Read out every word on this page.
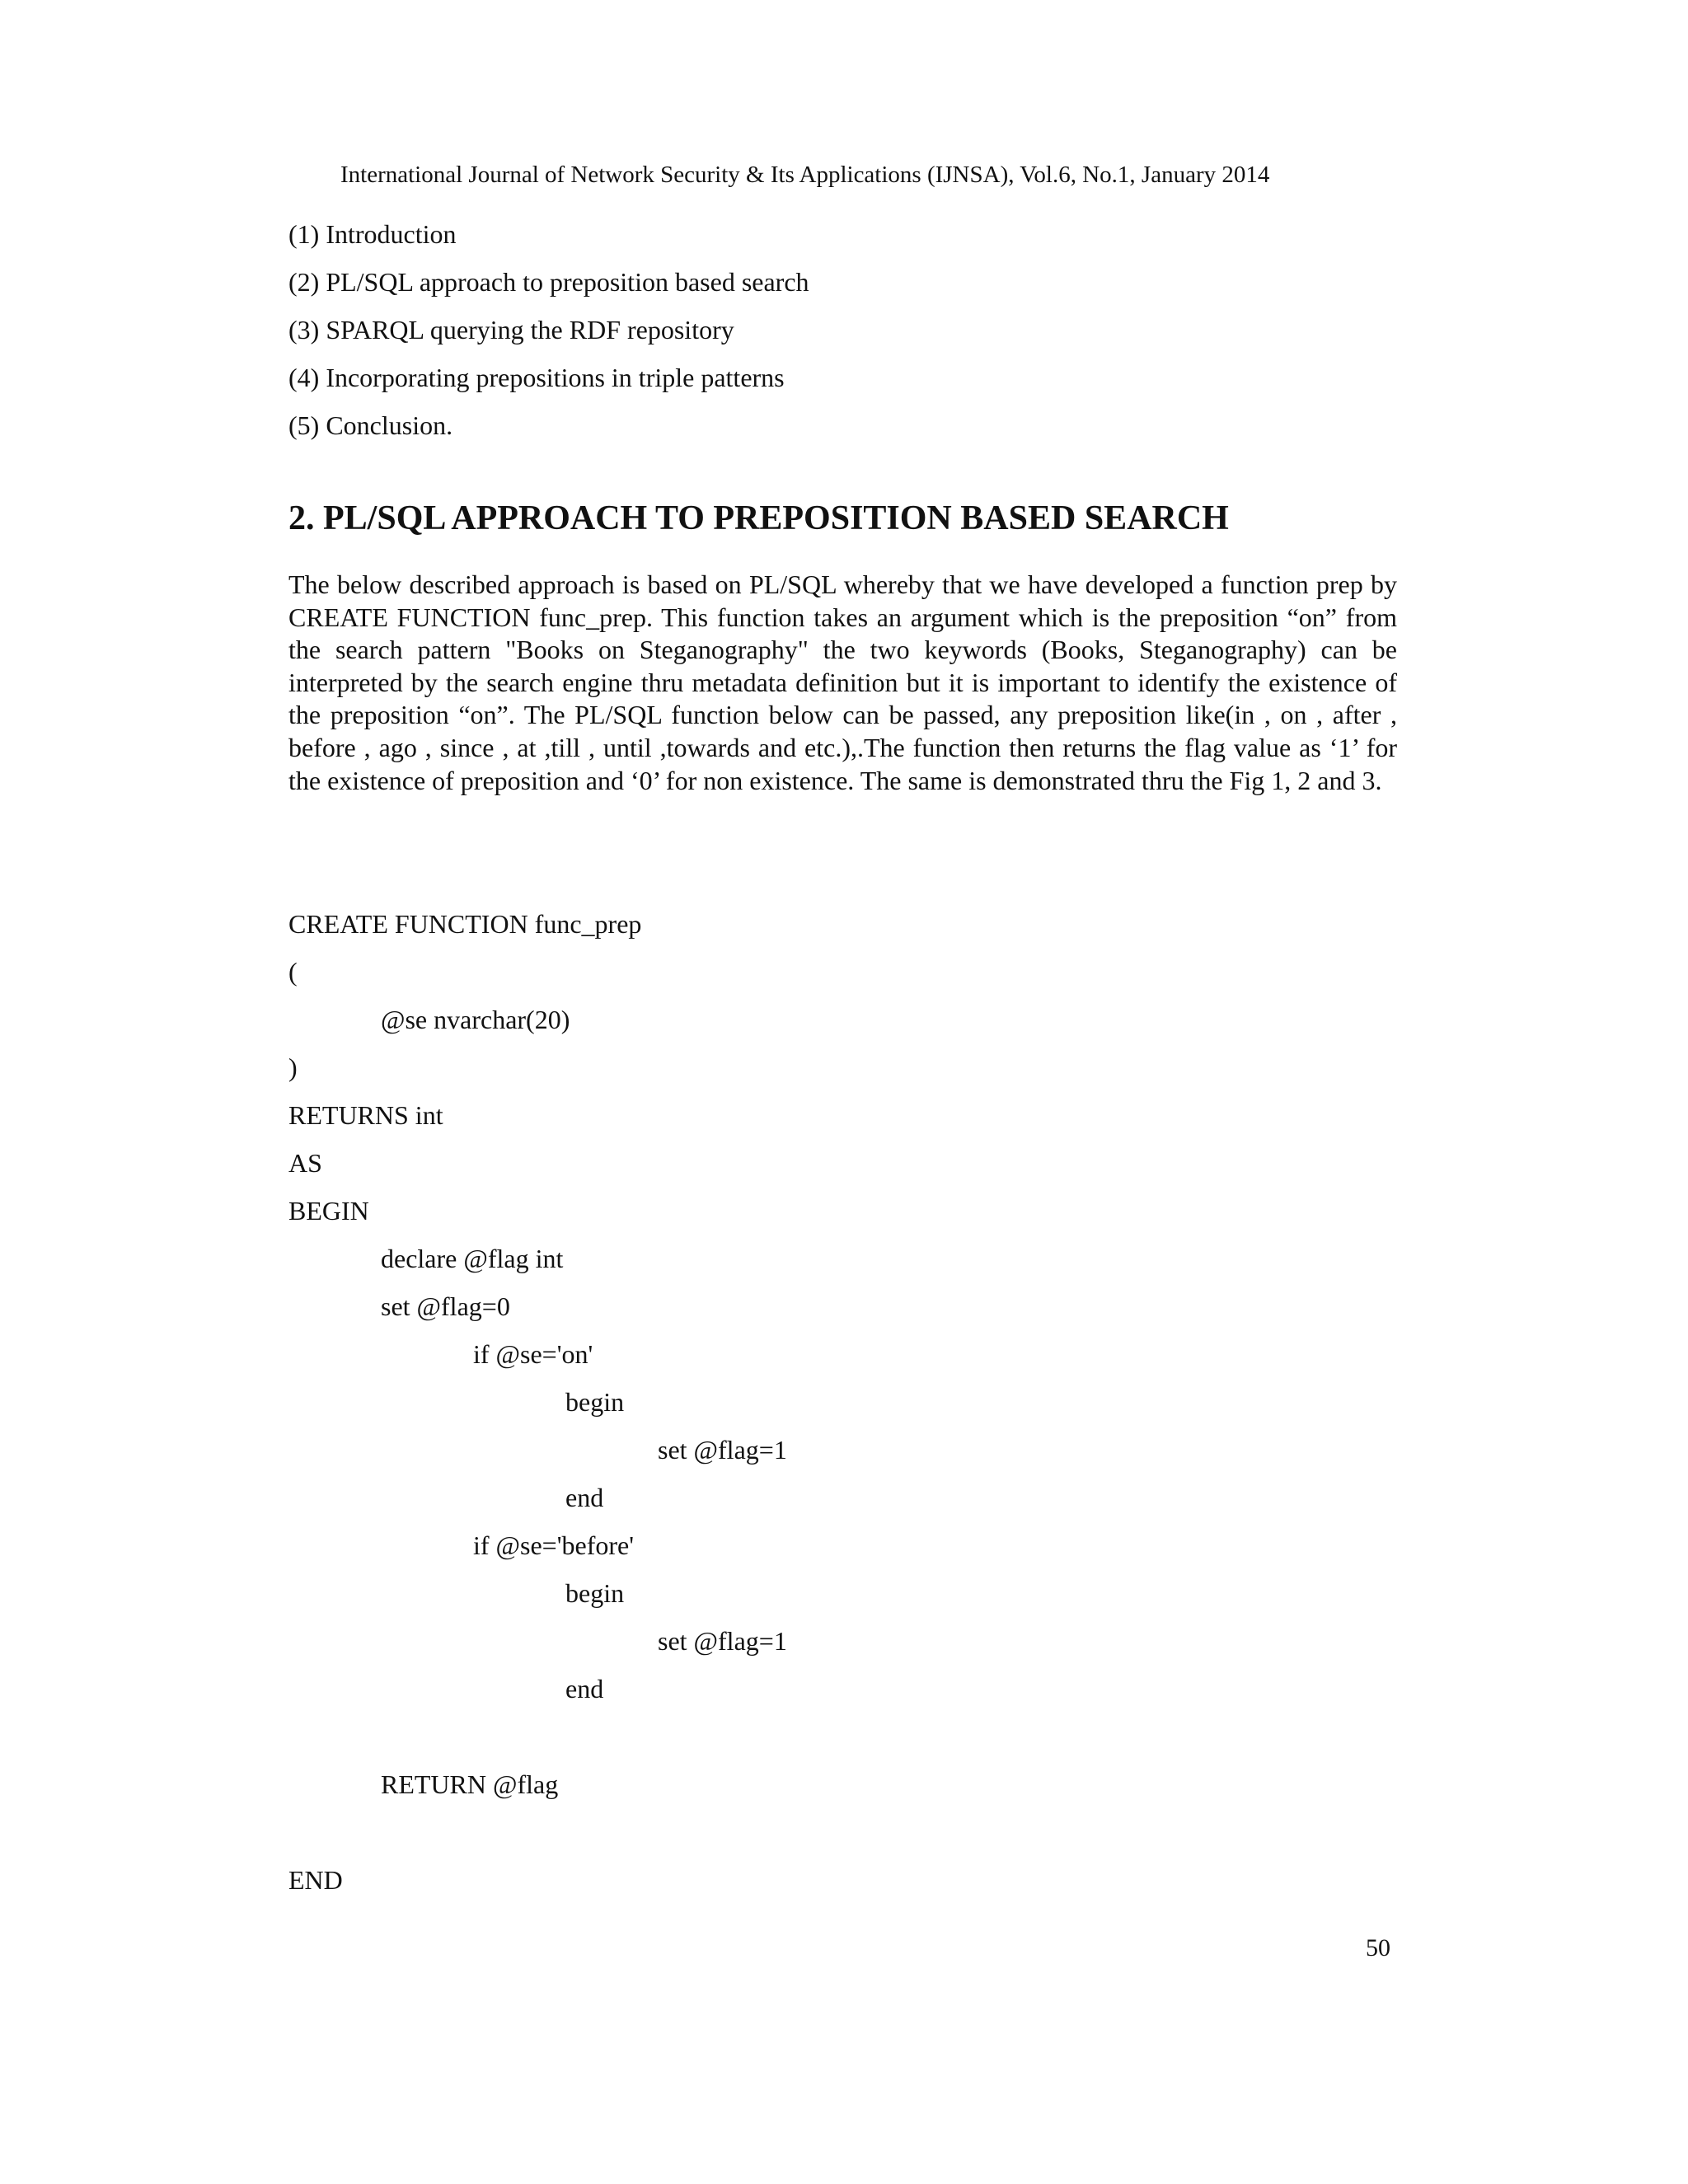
International Journal of Network Security & Its Applications (IJNSA), Vol.6, No.1, January 2014
(1) Introduction
(2) PL/SQL approach to preposition based search
(3) SPARQL querying the RDF repository
(4) Incorporating prepositions in triple patterns
(5) Conclusion.
2. PL/SQL APPROACH TO PREPOSITION BASED SEARCH
The below described approach is based on PL/SQL whereby that we have developed a function prep by CREATE FUNCTION func_prep. This function takes an argument which is the preposition “on” from the search pattern "Books on Steganography" the two keywords (Books, Steganography) can be interpreted by the search engine thru metadata definition but it is important to identify the existence of the preposition “on”. The PL/SQL function below can be passed, any preposition like(in , on , after , before , ago , since , at ,till , until ,towards and etc.),.The function then returns the flag value as ‘1’ for the existence of preposition and ‘0’ for non existence. The same is demonstrated thru the Fig 1, 2 and 3.
CREATE FUNCTION func_prep
(
@se nvarchar(20)
)
RETURNS int
AS
BEGIN
declare @flag int
set @flag=0
if @se='on'
begin
set @flag=1
end
if @se='before'
begin
set @flag=1
end
RETURN @flag
END
50
